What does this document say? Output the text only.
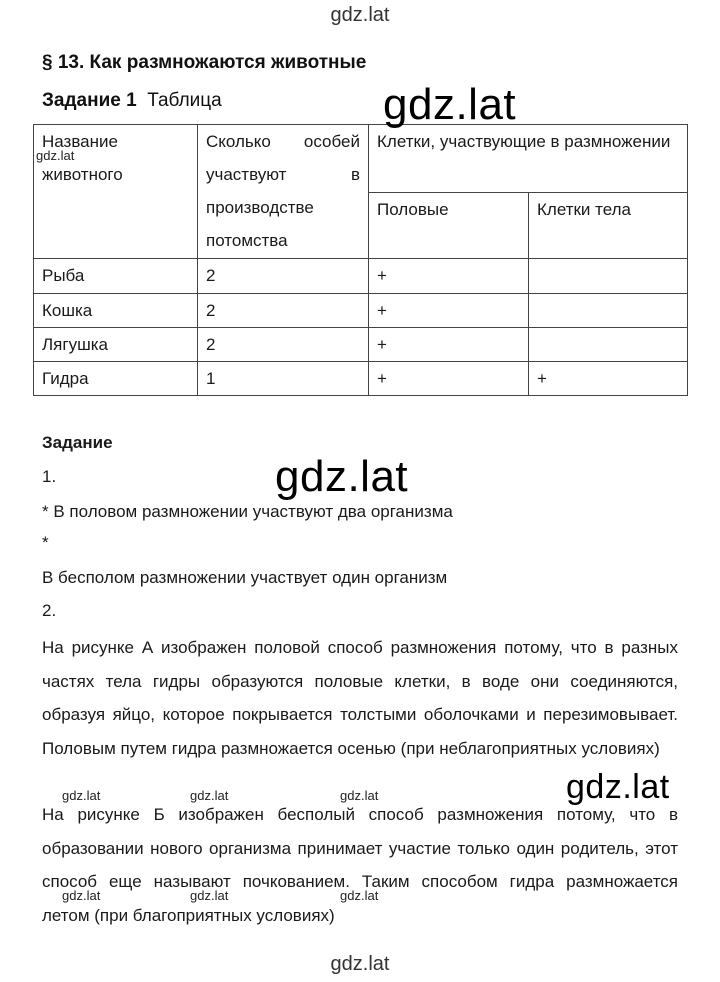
gdz.lat
§ 13. Как размножаются животные
Задание 1 Таблица
Название
животного	Сколько особей участвуют в производстве потомства	Клетки, участвующие в размножении	
		Половые	Клетки тела
Рыба	2	+	
Кошка	2	+	
Лягушка	2	+	
Гидра	1	+	+
Задание
1.
* В половом размножении участвуют два организма
*
В бесполом размножении участвует один организм
2.
На рисунке А изображен половой способ размножения потому, что в разных частях тела гидры образуются половые клетки, в воде они соединяются, образуя яйцо, которое покрывается толстыми оболочками и перезимовывает. Половым путем гидра размножается осенью (при неблагоприятных условиях)
На рисунке Б изображен бесполый способ размножения потому, что в образовании нового организма принимает участие только один родитель, этот способ еще называют почкованием. Таким способом гидра размножается летом (при благоприятных условиях)
gdz.lat
gdz.lat
gdz.lat
gdz.lat
gdz.lat	gdz.lat	gdz.lat
gdz.lat	gdz.lat	gdz.lat
gdz.lat
